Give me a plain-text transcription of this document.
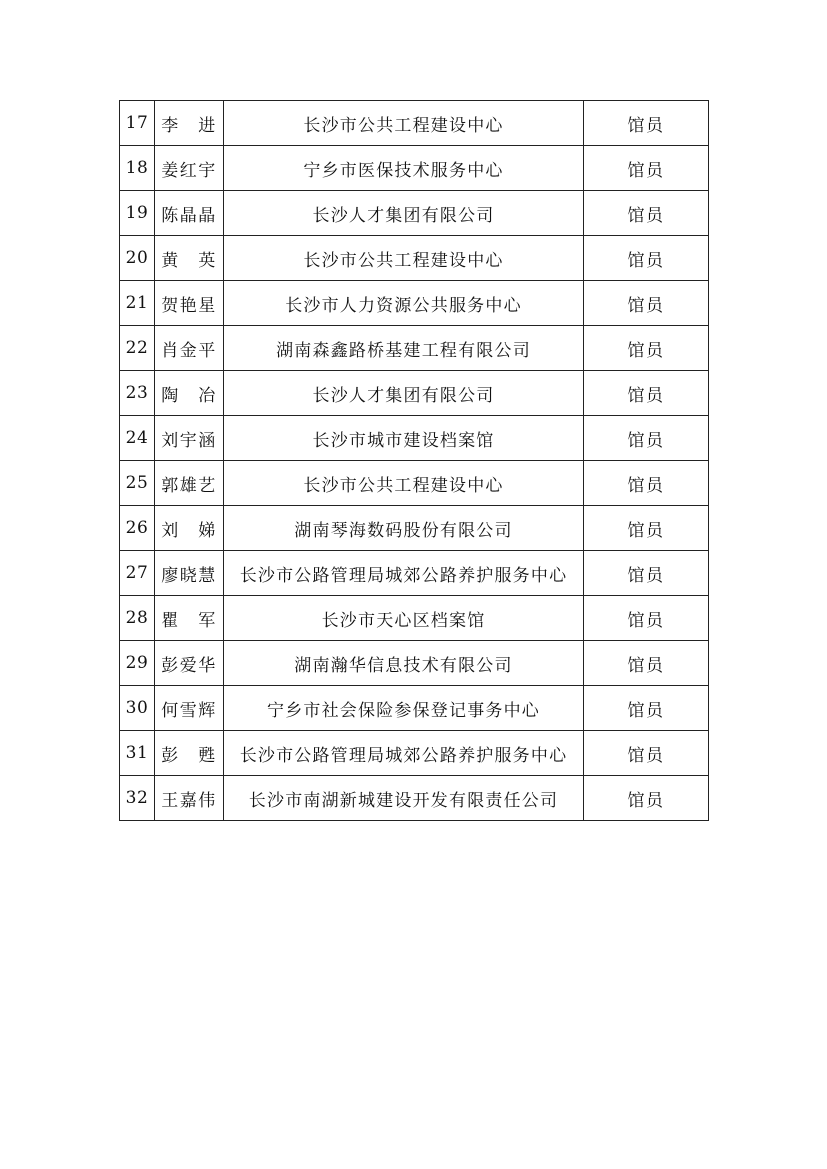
17	李　进	长沙市公共工程建设中心	馆员
18	姜红宇	宁乡市医保技术服务中心	馆员
19	陈晶晶	长沙人才集团有限公司	馆员
20	黄　英	长沙市公共工程建设中心	馆员
21	贺艳星	长沙市人力资源公共服务中心	馆员
22	肖金平	湖南森鑫路桥基建工程有限公司	馆员
23	陶　冶	长沙人才集团有限公司	馆员
24	刘宇涵	长沙市城市建设档案馆	馆员
25	郭雄艺	长沙市公共工程建设中心	馆员
26	刘　娣	湖南琴海数码股份有限公司	馆员
27	廖晓慧	长沙市公路管理局城郊公路养护服务中心	馆员
28	瞿　军	长沙市天心区档案馆	馆员
29	彭爱华	湖南瀚华信息技术有限公司	馆员
30	何雪辉	宁乡市社会保险参保登记事务中心	馆员
31	彭　甦	长沙市公路管理局城郊公路养护服务中心	馆员
32	王嘉伟	长沙市南湖新城建设开发有限责任公司	馆员
